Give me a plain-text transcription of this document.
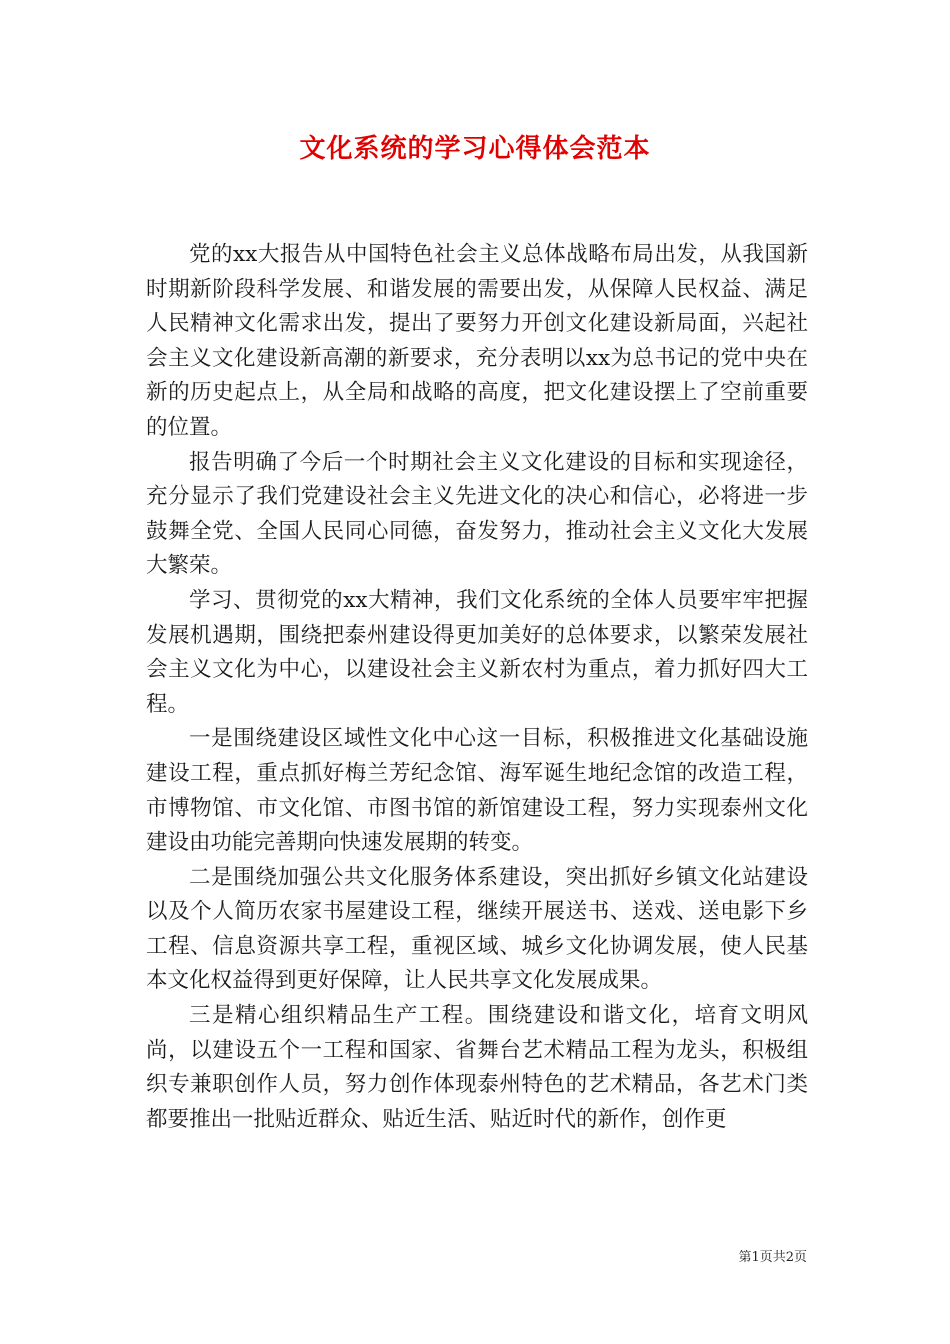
文化系统的学习心得体会范本

党的xx大报告从中国特色社会主义总体战略布局出发，从我国新时期新阶段科学发展、和谐发展的需要出发，从保障人民权益、满足人民精神文化需求出发，提出了要努力开创文化建设新局面，兴起社会主义文化建设新高潮的新要求，充分表明以xx为总书记的党中央在新的历史起点上，从全局和战略的高度，把文化建设摆上了空前重要的位置。

报告明确了今后一个时期社会主义文化建设的目标和实现途径，充分显示了我们党建设社会主义先进文化的决心和信心，必将进一步鼓舞全党、全国人民同心同德，奋发努力，推动社会主义文化大发展大繁荣。

学习、贯彻党的xx大精神，我们文化系统的全体人员要牢牢把握发展机遇期，围绕把泰州建设得更加美好的总体要求，以繁荣发展社会主义文化为中心，以建设社会主义新农村为重点，着力抓好四大工程。

一是围绕建设区域性文化中心这一目标，积极推进文化基础设施建设工程，重点抓好梅兰芳纪念馆、海军诞生地纪念馆的改造工程，市博物馆、市文化馆、市图书馆的新馆建设工程，努力实现泰州文化建设由功能完善期向快速发展期的转变。

二是围绕加强公共文化服务体系建设，突出抓好乡镇文化站建设以及个人简历农家书屋建设工程，继续开展送书、送戏、送电影下乡工程、信息资源共享工程，重视区域、城乡文化协调发展，使人民基本文化权益得到更好保障，让人民共享文化发展成果。

三是精心组织精品生产工程。围绕建设和谐文化，培育文明风尚，以建设五个一工程和国家、省舞台艺术精品工程为龙头，积极组织专兼职创作人员，努力创作体现泰州特色的艺术精品，各艺术门类都要推出一批贴近群众、贴近生活、贴近时代的新作，创作更

第1页共2页
